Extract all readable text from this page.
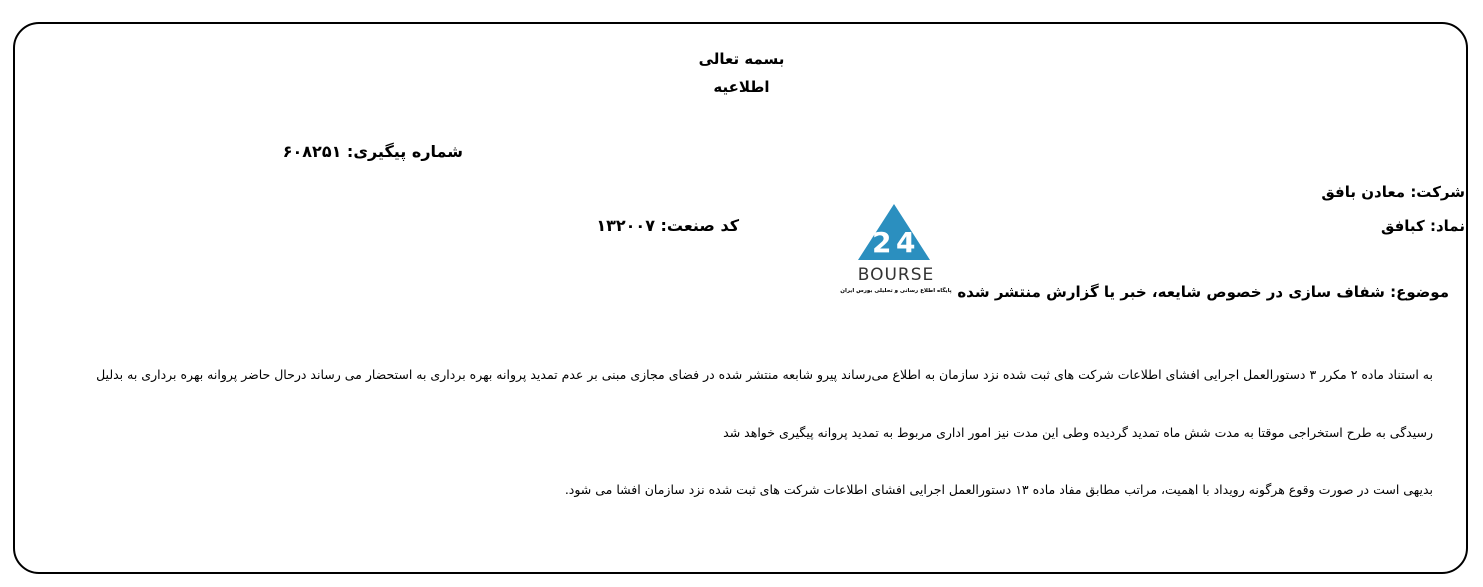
بسمه تعالی
اطلاعیه
شماره پیگیری: ۶۰۸۲۵۱
شرکت: معادن بافق
نماد: کبافق
کد صنعت: ۱۳۲۰۰۷
2 4
BOURSE
پایگاه اطلاع رسانی و تحلیلی بورس ایران موضوع: شفاف سازی در خصوص شایعه، خبر یا گزارش منتشر شده
به استناد ماده ۲ مکرر ۳ دستورالعمل اجرایی افشای اطلاعات شرکت های ثبت شده نزد سازمان به اطلاع می‌رساند پیرو شابعه منتشر شده در فضای مجازی مبنی بر عدم تمدید پروانه بهره برداری به استحضار می رساند درحال حاضر پروانه بهره برداری به بدلیل
رسیدگی به طرح استخراجی موقتا به مدت شش ماه تمدید گردیده وطی این مدت نیز امور اداری مربوط به تمدید پروانه پیگیری خواهد شد
بدیهی است در صورت وقوع هرگونه رویداد با اهمیت، مراتب مطابق مفاد ماده ۱۳ دستورالعمل اجرایی افشای اطلاعات شرکت های ثبت شده نزد سازمان افشا می شود.
